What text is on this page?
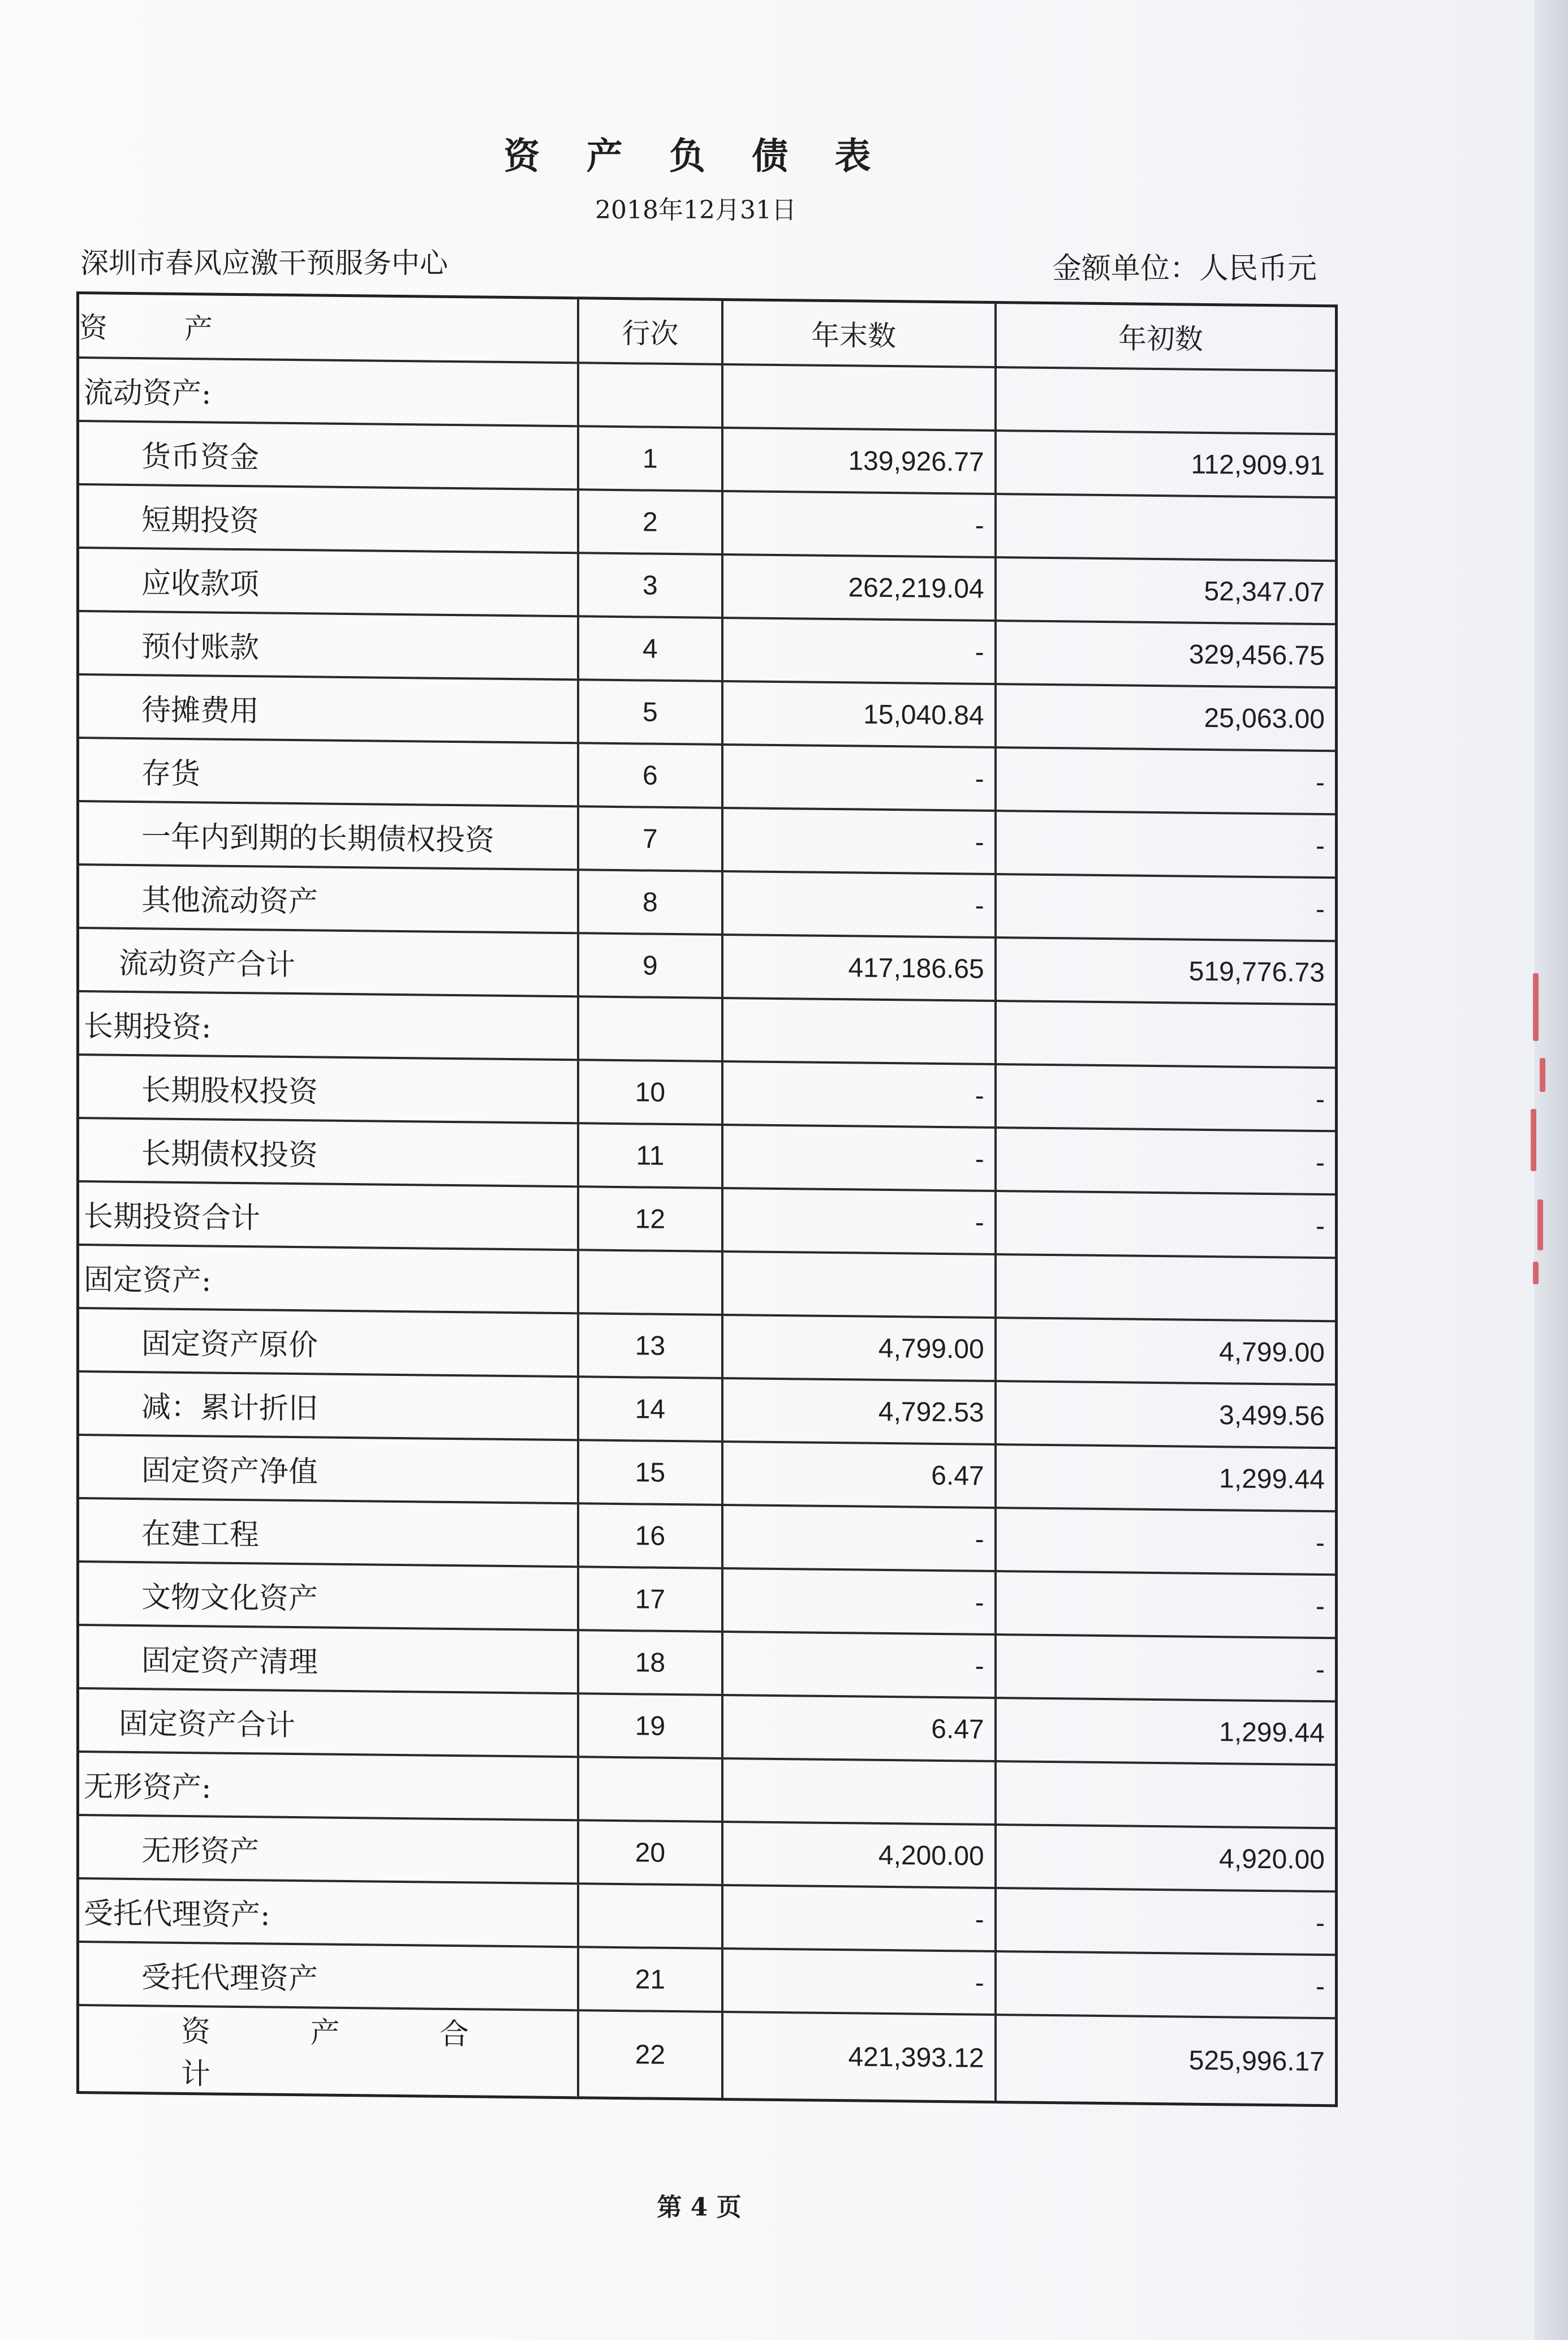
资 产 负 债 表
2018年12月31日
深圳市春风应激干预服务中心	金额单位：人民币元
资 产	行次	年末数	年初数
流动资产:			
货币资金	1	139,926.77	112,909.91
短期投资	2	-	
应收款项	3	262,219.04	52,347.07
预付账款	4	-	329,456.75
待摊费用	5	15,040.84	25,063.00
存货	6	-	-
一年内到期的长期债权投资	7	-	-
其他流动资产	8	-	-
流动资产合计	9	417,186.65	519,776.73
长期投资:			
长期股权投资	10	-	-
长期债权投资	11	-	-
长期投资合计	12	-	-
固定资产:			
固定资产原价	13	4,799.00	4,799.00
减：累计折旧	14	4,792.53	3,499.56
固定资产净值	15	6.47	1,299.44
在建工程	16	-	-
文物文化资产	17	-	-
固定资产清理	18	-	-
固定资产合计	19	6.47	1,299.44
无形资产:			
无形资产	20	4,200.00	4,920.00
受托代理资产:		-	-
受托代理资产	21	-	-
资 产 合 计	22	421,393.12	525,996.17
第 4 页
